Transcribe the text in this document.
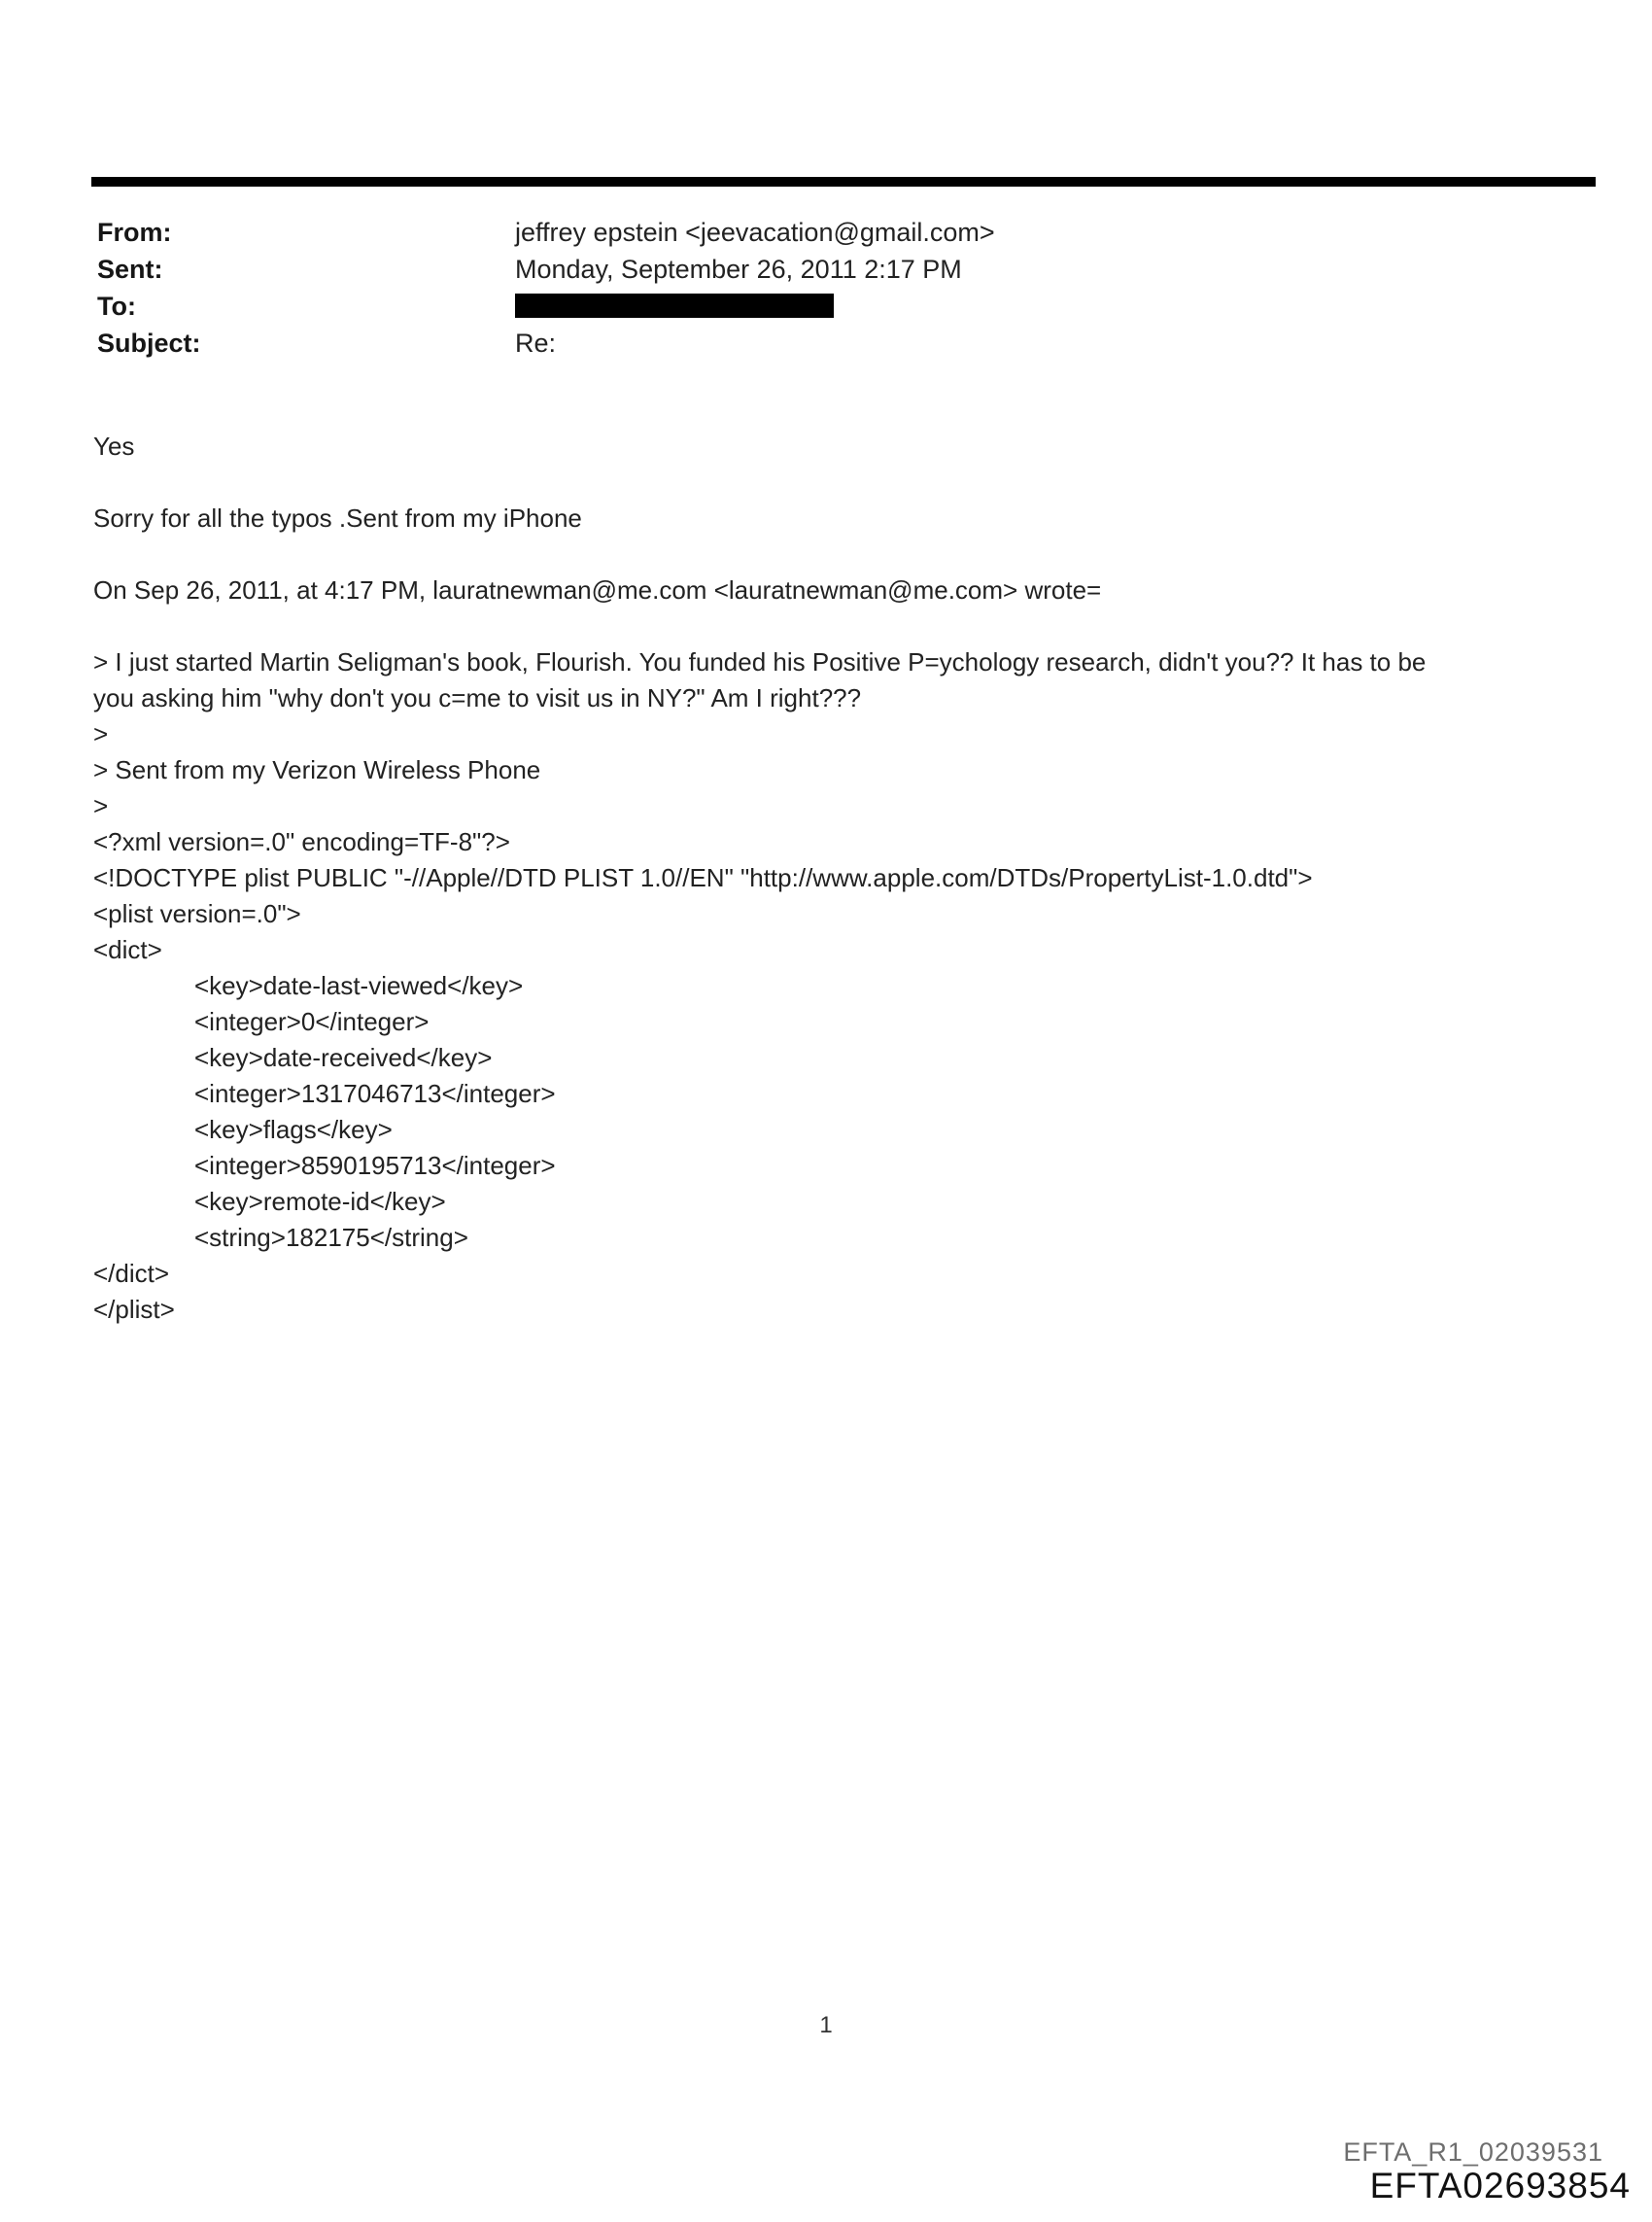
From:	jeffrey epstein <jeevacation@gmail.com>
Sent:	Monday, September 26, 2011 2:17 PM
To:
Subject:	Re:
Yes
Sorry for all the typos .Sent from my iPhone
On Sep 26, 2011, at 4:17 PM, lauratnewman@me.com <lauratnewman@me.com> wrote=
> I just started Martin Seligman's book, Flourish. You funded his Positive P=ychology research, didn't you?? It has to be
you asking him "why don't you c=me to visit us in NY?" Am I right???
>
> Sent from my Verizon Wireless Phone
>
<?xml version=.0" encoding=TF-8"?>
<!DOCTYPE plist PUBLIC "-//Apple//DTD PLIST 1.0//EN" "http://www.apple.com/DTDs/PropertyList-1.0.dtd">
<plist version=.0">
<dict>
<key>date-last-viewed</key>
<integer>0</integer>
<key>date-received</key>
<integer>1317046713</integer>
<key>flags</key>
<integer>8590195713</integer>
<key>remote-id</key>
<string>182175</string>
</dict>
</plist>
1
EFTA_R1_02039531
EFTA02693854
